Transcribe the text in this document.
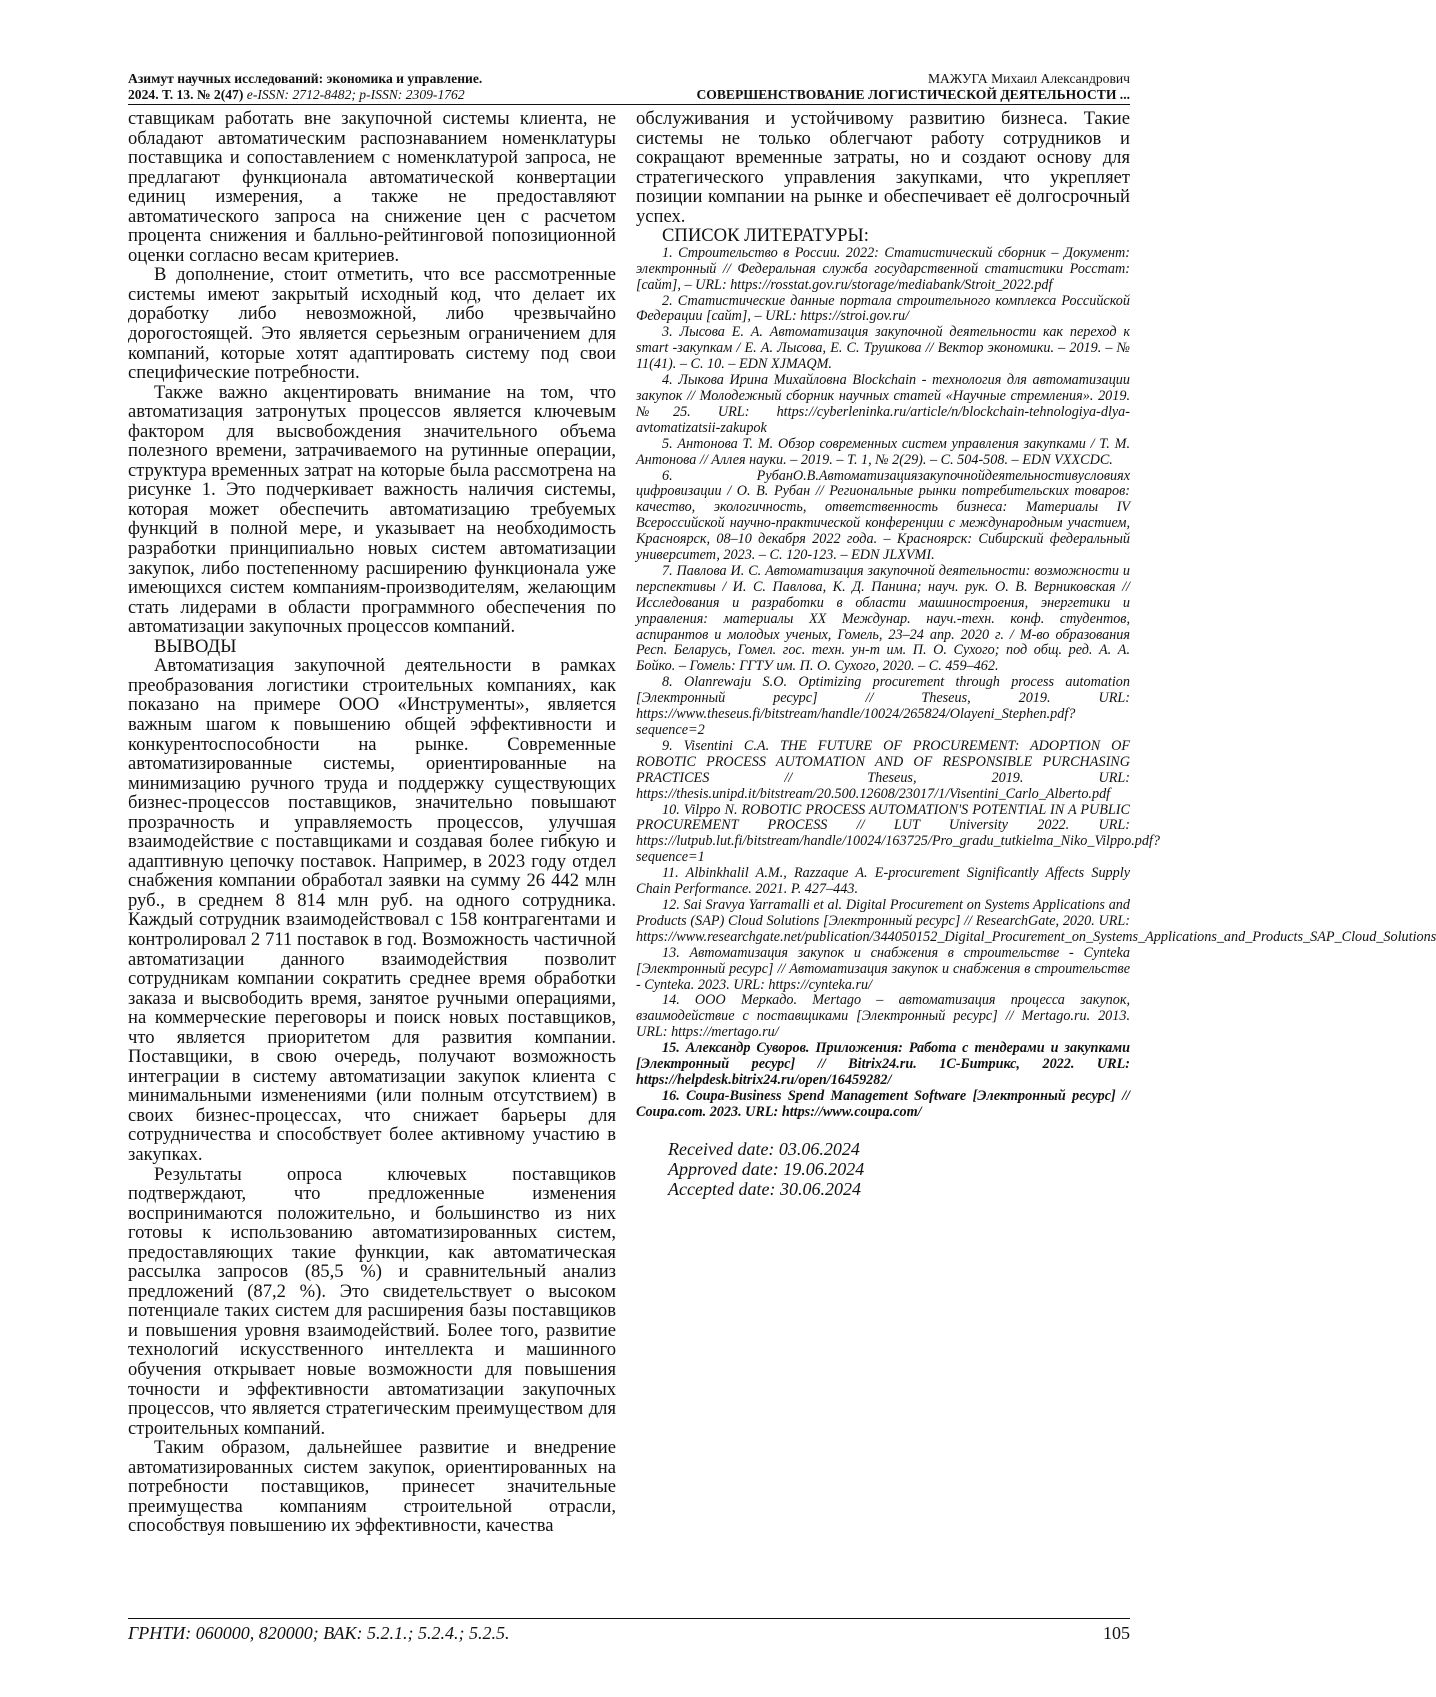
Азимут научных исследований: экономика и управление.
2024. Т. 13. № 2(47) e-ISSN: 2712-8482; p-ISSN: 2309-1762
МАЖУГА Михаил Александрович
СОВЕРШЕНСТВОВАНИЕ ЛОГИСТИЧЕСКОЙ ДЕЯТЕЛЬНОСТИ ...

ставщикам работать вне закупочной системы клиента, не обладают автоматическим распознаванием номенклатуры поставщика и сопоставлением с номенклатурой запроса, не предлагают функционала автоматической конвертации единиц измерения, а также не предоставляют автоматического запроса на снижение цен с расчетом процента снижения и балльно-рейтинговой попозиционной оценки согласно весам критериев.

В дополнение, стоит отметить, что все рассмотренные системы имеют закрытый исходный код, что делает их доработку либо невозможной, либо чрезвычайно дорогостоящей. Это является серьезным ограничением для компаний, которые хотят адаптировать систему под свои специфические потребности.

Также важно акцентировать внимание на том, что автоматизация затронутых процессов является ключевым фактором для высвобождения значительного объема полезного времени, затрачиваемого на рутинные операции, структура временных затрат на которые была рассмотрена на рисунке 1. Это подчеркивает важность наличия системы, которая может обеспечить автоматизацию требуемых функций в полной мере, и указывает на необходимость разработки принципиально новых систем автоматизации закупок, либо постепенному расширению функционала уже имеющихся систем компаниям-производителям, желающим стать лидерами в области программного обеспечения по автоматизации закупочных процессов компаний.

ВЫВОДЫ

Автоматизация закупочной деятельности в рамках преобразования логистики строительных компаниях, как показано на примере ООО «Инструменты», является важным шагом к повышению общей эффективности и конкурентоспособности на рынке. Современные автоматизированные системы, ориентированные на минимизацию ручного труда и поддержку существующих бизнес-процессов поставщиков, значительно повышают прозрачность и управляемость процессов, улучшая взаимодействие с поставщиками и создавая более гибкую и адаптивную цепочку поставок. Например, в 2023 году отдел снабжения компании обработал заявки на сумму 26 442 млн руб., в среднем 8 814 млн руб. на одного сотрудника. Каждый сотрудник взаимодействовал с 158 контрагентами и контролировал 2 711 поставок в год. Возможность частичной автоматизации данного взаимодействия позволит сотрудникам компании сократить среднее время обработки заказа и высвободить время, занятое ручными операциями, на коммерческие переговоры и поиск новых поставщиков, что является приоритетом для развития компании. Поставщики, в свою очередь, получают возможность интеграции в систему автоматизации закупок клиента с минимальными изменениями (или полным отсутствием) в своих бизнес-процессах, что снижает барьеры для сотрудничества и способствует более активному участию в закупках.

Результаты опроса ключевых поставщиков подтверждают, что предложенные изменения воспринимаются положительно, и большинство из них готовы к использованию автоматизированных систем, предоставляющих такие функции, как автоматическая рассылка запросов (85,5 %) и сравнительный анализ предложений (87,2 %). Это свидетельствует о высоком потенциале таких систем для расширения базы поставщиков и повышения уровня взаимодействий. Более того, развитие технологий искусственного интеллекта и машинного обучения открывает новые возможности для повышения точности и эффективности автоматизации закупочных процессов, что является стратегическим преимуществом для строительных компаний.

Таким образом, дальнейшее развитие и внедрение автоматизированных систем закупок, ориентированных на потребности поставщиков, принесет значительные преимущества компаниям строительной отрасли, способствуя повышению их эффективности, качества

обслуживания и устойчивому развитию бизнеса. Такие системы не только облегчают работу сотрудников и сокращают временные затраты, но и создают основу для стратегического управления закупками, что укрепляет позиции компании на рынке и обеспечивает её долгосрочный успех.

СПИСОК ЛИТЕРАТУРЫ:

1. Строительство в России. 2022: Статистический сборник – Документ: электронный // Федеральная служба государственной статистики Росстат: [сайт], – URL: https://rosstat.gov.ru/storage/mediabank/Stroit_2022.pdf

2. Статистические данные портала строительного комплекса Российской Федерации [сайт], – URL: https://stroi.gov.ru/

3. Лысова Е. А. Автоматизация закупочной деятельности как переход к smart -закупкам / Е. А. Лысова, Е. С. Трушкова // Вектор экономики. – 2019. – № 11(41). – С. 10. – EDN XJMAQM.

4. Лыкова Ирина Михайловна Blockchain - технология для автоматизации закупок // Молодежный сборник научных статей «Научные стремления». 2019. №25. URL: https://cyberleninka.ru/article/n/blockchain-tehnologiya-dlya-avtomatizatsii-zakupok

5. Антонова Т. М. Обзор современных систем управления закупками / Т. М. Антонова // Аллея науки. – 2019. – Т. 1, № 2(29). – С. 504-508. – EDN VXXCDC.

6. РубанО.В.Автоматизациязакупочнойдеятельностивусловиях цифровизации / О. В. Рубан // Региональные рынки потребительских товаров: качество, экологичность, ответственность бизнеса: Материалы IV Всероссийской научно-практической конференции с международным участием, Красноярск, 08–10 декабря 2022 года. – Красноярск: Сибирский федеральный университет, 2023. – С. 120-123. – EDN JLXVMI.

7. Павлова И. С. Автоматизация закупочной деятельности: возможности и перспективы / И. С. Павлова, К. Д. Панина; науч. рук. О. В. Верниковская // Исследования и разработки в области машиностроения, энергетики и управления: материалы XX Междунар. науч.-техн. конф. студентов, аспирантов и молодых ученых, Гомель, 23–24 апр. 2020 г. / М-во образования Респ. Беларусь, Гомел. гос. техн. ун-т им. П. О. Сухого; под общ. ред. А. А. Бойко. – Гомель: ГГТУ им. П. О. Сухого, 2020. – С. 459–462.

8. Olanrewaju S.O. Optimizing procurement through process automation [Электронный ресурс] // Theseus, 2019. URL: https://www.theseus.fi/bitstream/handle/10024/265824/Olayeni_Stephen.pdf?sequence=2

9. Visentini C.A. THE FUTURE OF PROCUREMENT: ADOPTION OF ROBOTIC PROCESS AUTOMATION AND OF RESPONSIBLE PURCHASING PRACTICES // Theseus, 2019. URL: https://thesis.unipd.it/bitstream/20.500.12608/23017/1/Visentini_Carlo_Alberto.pdf

10. Vilppo N. ROBOTIC PROCESS AUTOMATION'S POTENTIAL IN A PUBLIC PROCUREMENT PROCESS // LUT University 2022. URL: https://lutpub.lut.fi/bitstream/handle/10024/163725/Pro_gradu_tutkielma_Niko_Vilppo.pdf?sequence=1

11. Albinkhalil A.M., Razzaque A. E-procurement Significantly Affects Supply Chain Performance. 2021. P. 427–443.

12. Sai Sravya Yarramalli et al. Digital Procurement on Systems Applications and Products (SAP) Cloud Solutions [Электронный ресурс] // ResearchGate, 2020. URL: https://www.researchgate.net/publication/344050152_Digital_Procurement_on_Systems_Applications_and_Products_SAP_Cloud_Solutions

13. Автоматизация закупок и снабжения в строительстве - Cynteka [Электронный ресурс] // Автоматизация закупок и снабжения в строительстве - Cynteka. 2023. URL: https://cynteka.ru/

14. ООО Меркадо. Mertago – автоматизация процесса закупок, взаимодействие с поставщиками [Электронный ресурс] // Mertago.ru. 2013. URL: https://mertago.ru/

15. Александр Суворов. Приложения: Работа с тендерами и закупками [Электронный ресурс] // Bitrix24.ru. 1С-Битрикс, 2022. URL: https://helpdesk.bitrix24.ru/open/16459282/

16. Coupa-Business Spend Management Software [Электронный ресурс] // Coupa.com. 2023. URL: https://www.coupa.com/

Received date: 03.06.2024
Approved date: 19.06.2024
Accepted date: 30.06.2024
ГРНТИ: 060000, 820000; ВАК: 5.2.1.; 5.2.4.; 5.2.5.	105
